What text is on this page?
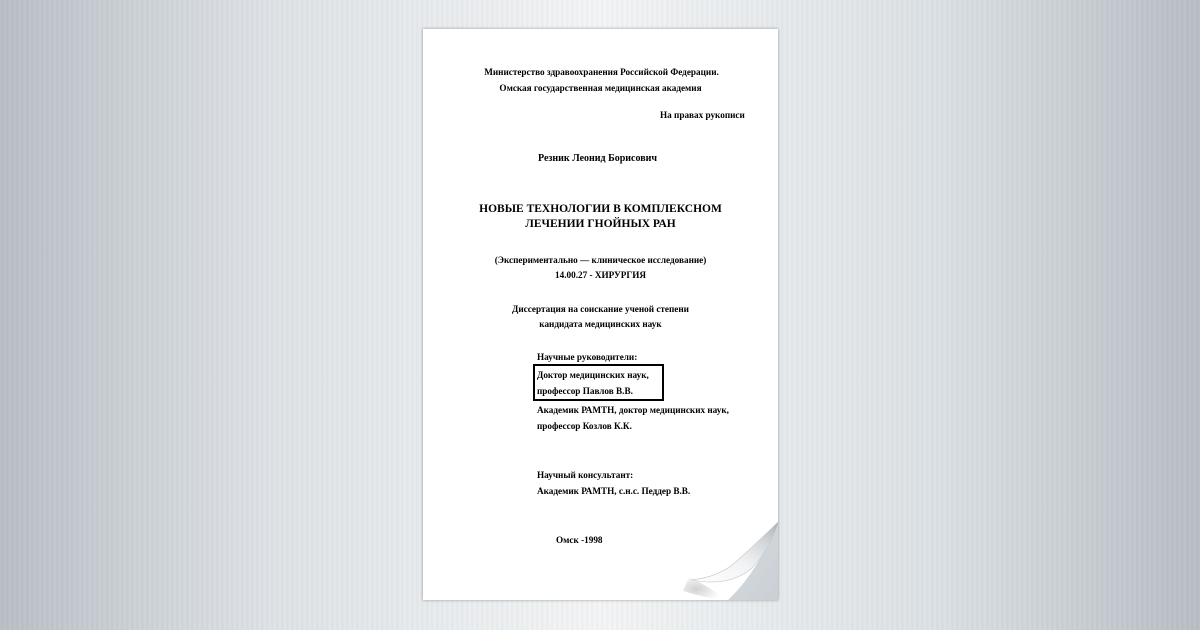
Министерство здравоохранения Российской Федерации.
Омская государственная медицинская академия
На правах рукописи
Резник Леонид Борисович
НОВЫЕ ТЕХНОЛОГИИ В КОМПЛЕКСНОМ
ЛЕЧЕНИИ ГНОЙНЫХ РАН
(Экспериментально — клиническое исследование)
14.00.27 - ХИРУРГИЯ
Диссертация на соискание ученой степени
кандидата медицинских наук
Научные руководители:
Доктор медицинских наук,
профессор Павлов В.В.
Академик РАМТН, доктор медицинских наук,
профессор Козлов К.К.
Научный консультант:
Академик РАМТН, с.н.с. Педдер В.В.
Омск -1998
